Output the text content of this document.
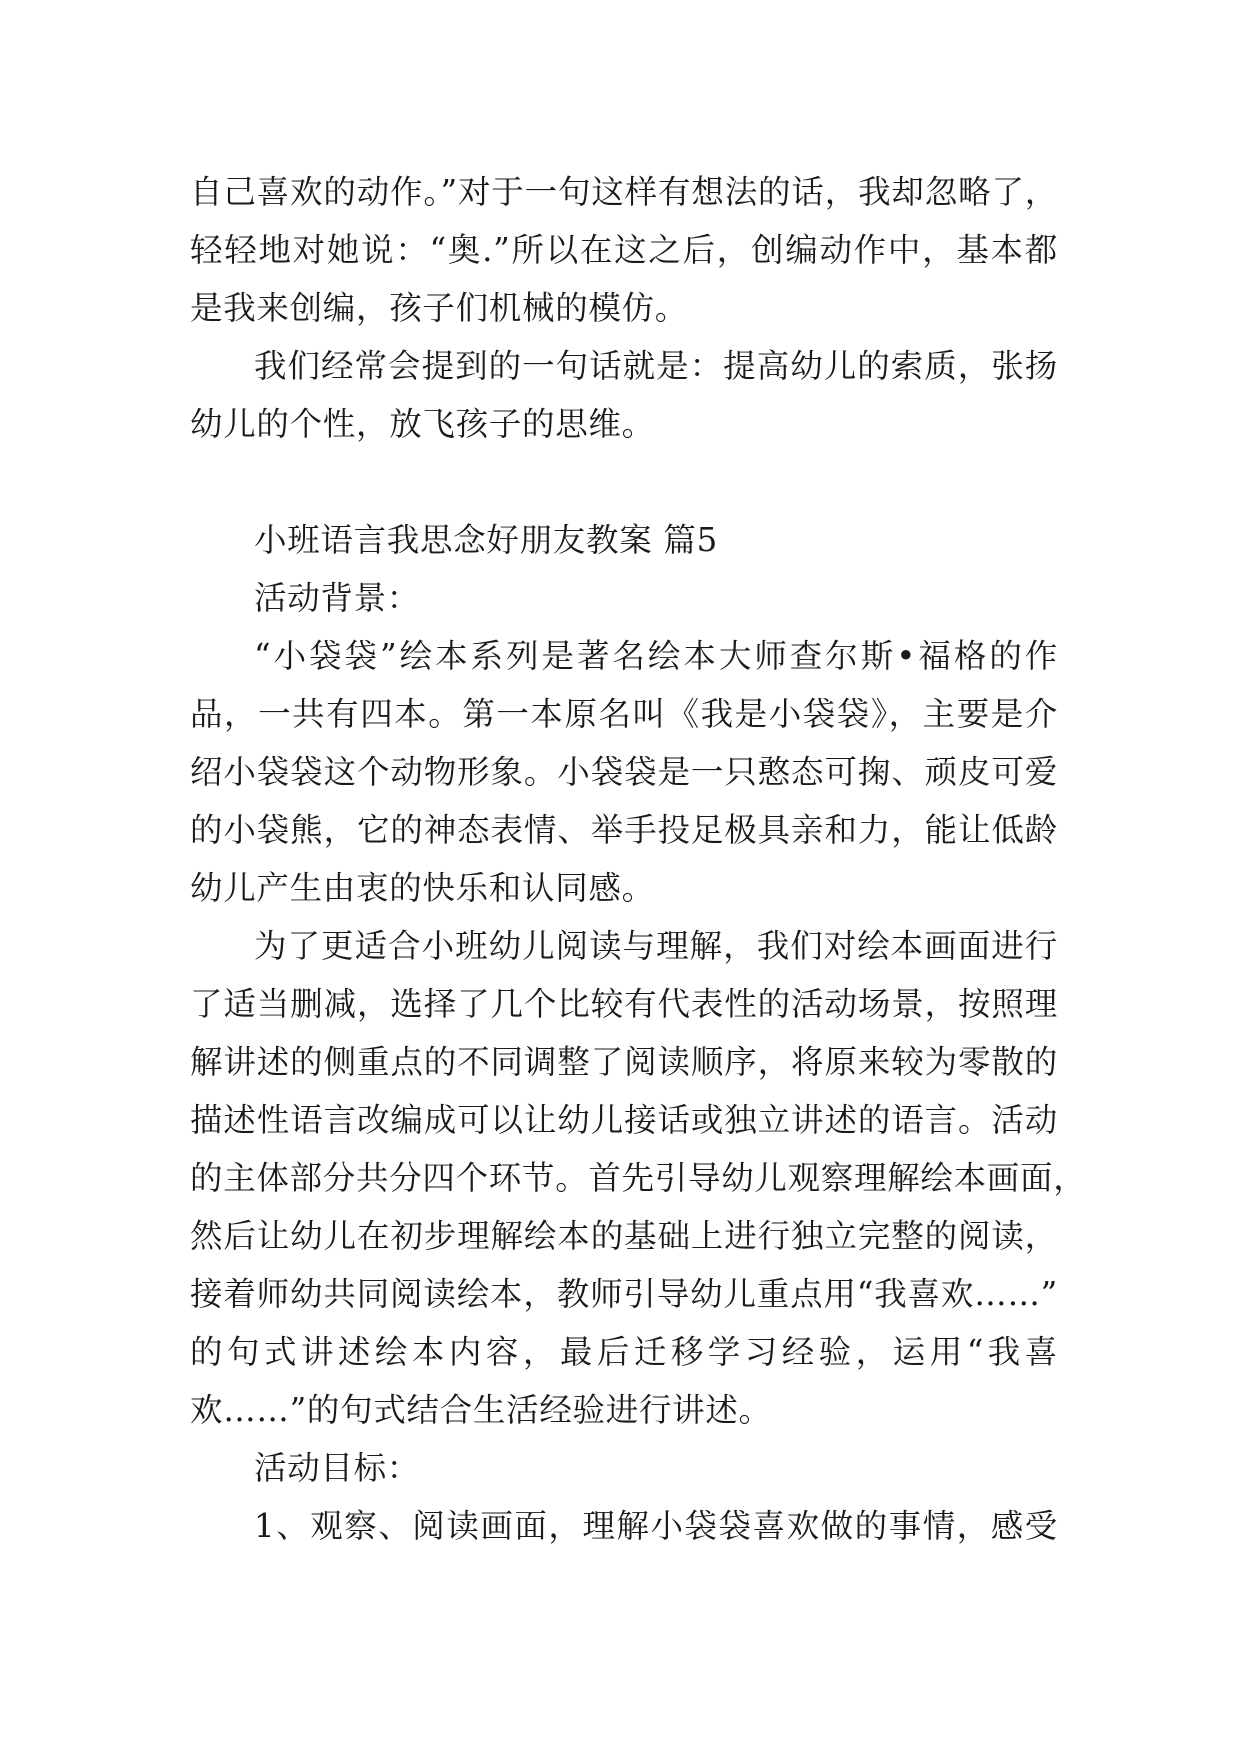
自己喜欢的动作。”对于一句这样有想法的话，我却忽略了，
轻轻地对她说：“奥.”所以在这之后，创编动作中，基本都
是我来创编，孩子们机械的模仿。
我们经常会提到的一句话就是：提高幼儿的索质，张扬
幼儿的个性，放飞孩子的思维。
小班语言我思念好朋友教案 篇5
活动背景：
“小袋袋”绘本系列是著名绘本大师查尔斯•福格的作
品，一共有四本。第一本原名叫《我是小袋袋》，主要是介
绍小袋袋这个动物形象。小袋袋是一只憨态可掬、顽皮可爱
的小袋熊，它的神态表情、举手投足极具亲和力，能让低龄
幼儿产生由衷的快乐和认同感。
为了更适合小班幼儿阅读与理解，我们对绘本画面进行
了适当删减，选择了几个比较有代表性的活动场景，按照理
解讲述的侧重点的不同调整了阅读顺序，将原来较为零散的
描述性语言改编成可以让幼儿接话或独立讲述的语言。活动
的主体部分共分四个环节。首先引导幼儿观察理解绘本画面，
然后让幼儿在初步理解绘本的基础上进行独立完整的阅读，
接着师幼共同阅读绘本，教师引导幼儿重点用“我喜欢……”
的句式讲述绘本内容，最后迁移学习经验，运用“我喜
欢……”的句式结合生活经验进行讲述。
活动目标：
1、观察、阅读画面，理解小袋袋喜欢做的事情，感受
